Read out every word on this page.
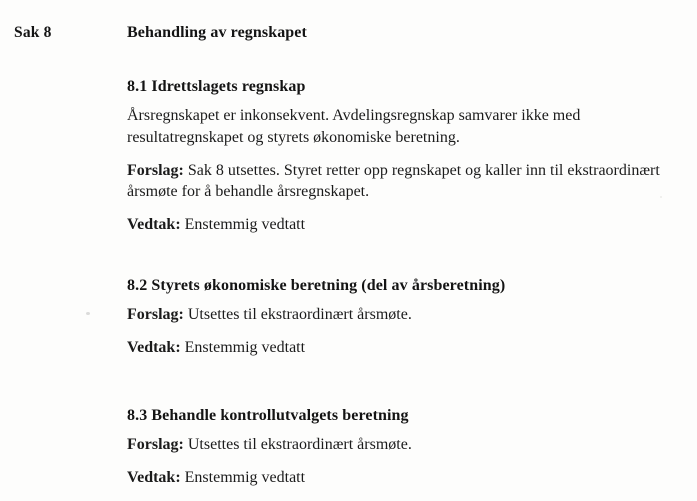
Sak 8	Behandling av regnskapet
8.1 Idrettslagets regnskap

Årsregnskapet er inkonsekvent. Avdelingsregnskap samvarer ikke med resultatregnskapet og styrets økonomiske beretning.

Forslag: Sak 8 utsettes. Styret retter opp regnskapet og kaller inn til ekstraordinært årsmøte for å behandle årsregnskapet.

Vedtak: Enstemmig vedtatt

8.2 Styrets økonomiske beretning (del av årsberetning)

Forslag: Utsettes til ekstraordinært årsmøte.

Vedtak: Enstemmig vedtatt

8.3 Behandle kontrollutvalgets beretning

Forslag: Utsettes til ekstraordinært årsmøte.

Vedtak: Enstemmig vedtatt
